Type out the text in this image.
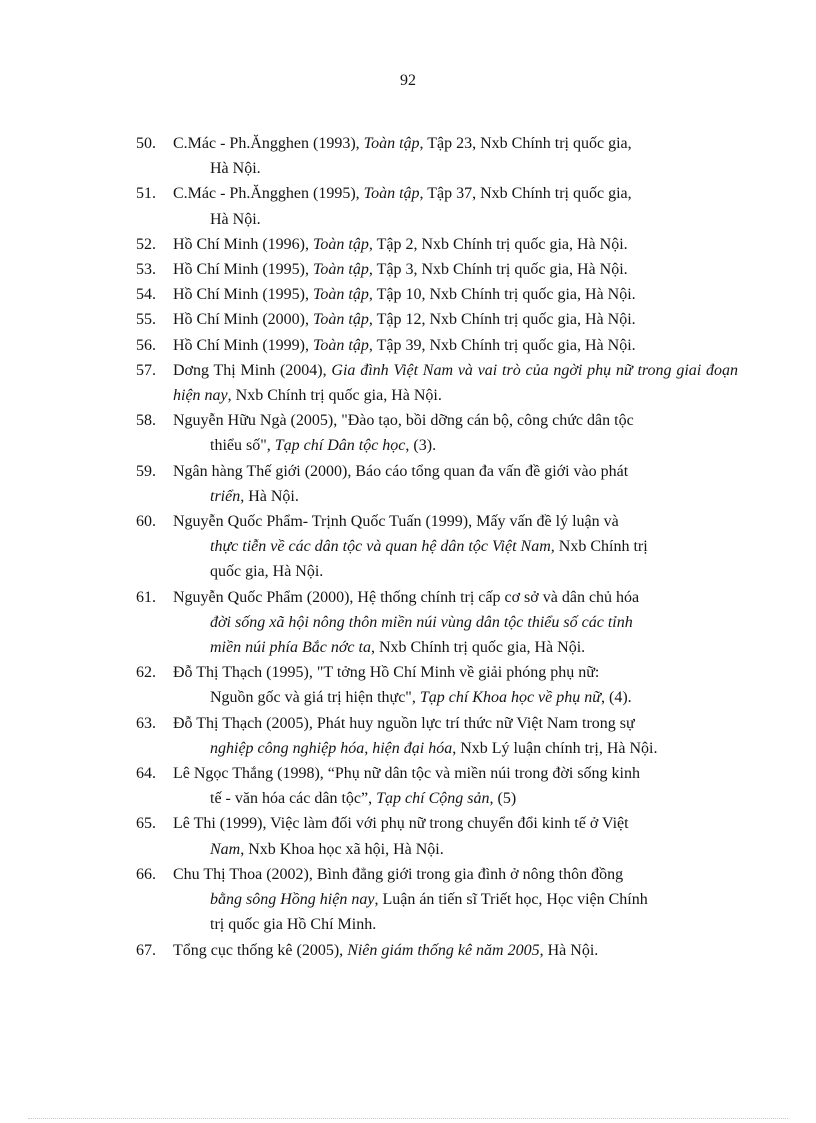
92
50. C.Mác - Ph.Ăngghen (1993), Toàn tập, Tập 23, Nxb Chính trị quốc gia,
Hà Nội.
51. C.Mác - Ph.Ăngghen (1995), Toàn tập, Tập 37, Nxb Chính trị quốc gia,
Hà Nội.
52. Hồ Chí Minh (1996), Toàn tập, Tập 2, Nxb Chính trị quốc gia, Hà Nội.
53. Hồ Chí Minh (1995), Toàn tập, Tập 3, Nxb Chính trị quốc gia, Hà Nội.
54. Hồ Chí Minh (1995), Toàn tập, Tập 10, Nxb Chính trị quốc gia, Hà Nội.
55. Hồ Chí Minh (2000), Toàn tập, Tập 12, Nxb Chính trị quốc gia, Hà Nội.
56. Hồ Chí Minh (1999), Toàn tập, Tập 39, Nxb Chính trị quốc gia, Hà Nội.
57. Dơng Thị Minh (2004), Gia đình Việt Nam và vai trò của ngời phụ nữ trong giai đoạn hiện nay, Nxb Chính trị quốc gia, Hà Nội.
58. Nguyễn Hữu Ngà (2005), "Đào tạo, bồi dỡng cán bộ, công chức dân tộc
thiểu số", Tạp chí Dân tộc học, (3).
59. Ngân hàng Thế giới (2000), Báo cáo tổng quan đa vấn đề giới vào phát
triển, Hà Nội.
60. Nguyễn Quốc Phẩm- Trịnh Quốc Tuấn (1999), Mấy vấn đề lý luận và
thực tiễn về các dân tộc và quan hệ dân tộc Việt Nam, Nxb Chính trị
quốc gia, Hà Nội.
61. Nguyễn Quốc Phẩm (2000), Hệ thống chính trị cấp cơ sở và dân chủ hóa
đời sống xã hội nông thôn miền núi vùng dân tộc thiểu số các tỉnh
miền núi phía Bắc nớc ta, Nxb Chính trị quốc gia, Hà Nội.
62. Đỗ Thị Thạch (1995), "T tởng Hồ Chí Minh về giải phóng phụ nữ:
Nguồn gốc và giá trị hiện thực", Tạp chí Khoa học về phụ nữ, (4).
63. Đỗ Thị Thạch (2005), Phát huy nguồn lực trí thức nữ Việt Nam trong sự
nghiệp công nghiệp hóa, hiện đại hóa, Nxb Lý luận chính trị, Hà Nội.
64. Lê Ngọc Thắng (1998), “Phụ nữ dân tộc và miền núi trong đời sống kinh
tế - văn hóa các dân tộc”, Tạp chí Cộng sản, (5)
65. Lê Thi (1999), Việc làm đối với phụ nữ trong chuyển đổi kinh tế ở Việt
Nam, Nxb Khoa học xã hội, Hà Nội.
66. Chu Thị Thoa (2002), Bình đẳng giới trong gia đình ở nông thôn đồng
bằng sông Hồng hiện nay, Luận án tiến sĩ Triết học, Học viện Chính
trị quốc gia Hồ Chí Minh.
67. Tổng cục thống kê (2005), Niên giám thống kê năm 2005, Hà Nội.
